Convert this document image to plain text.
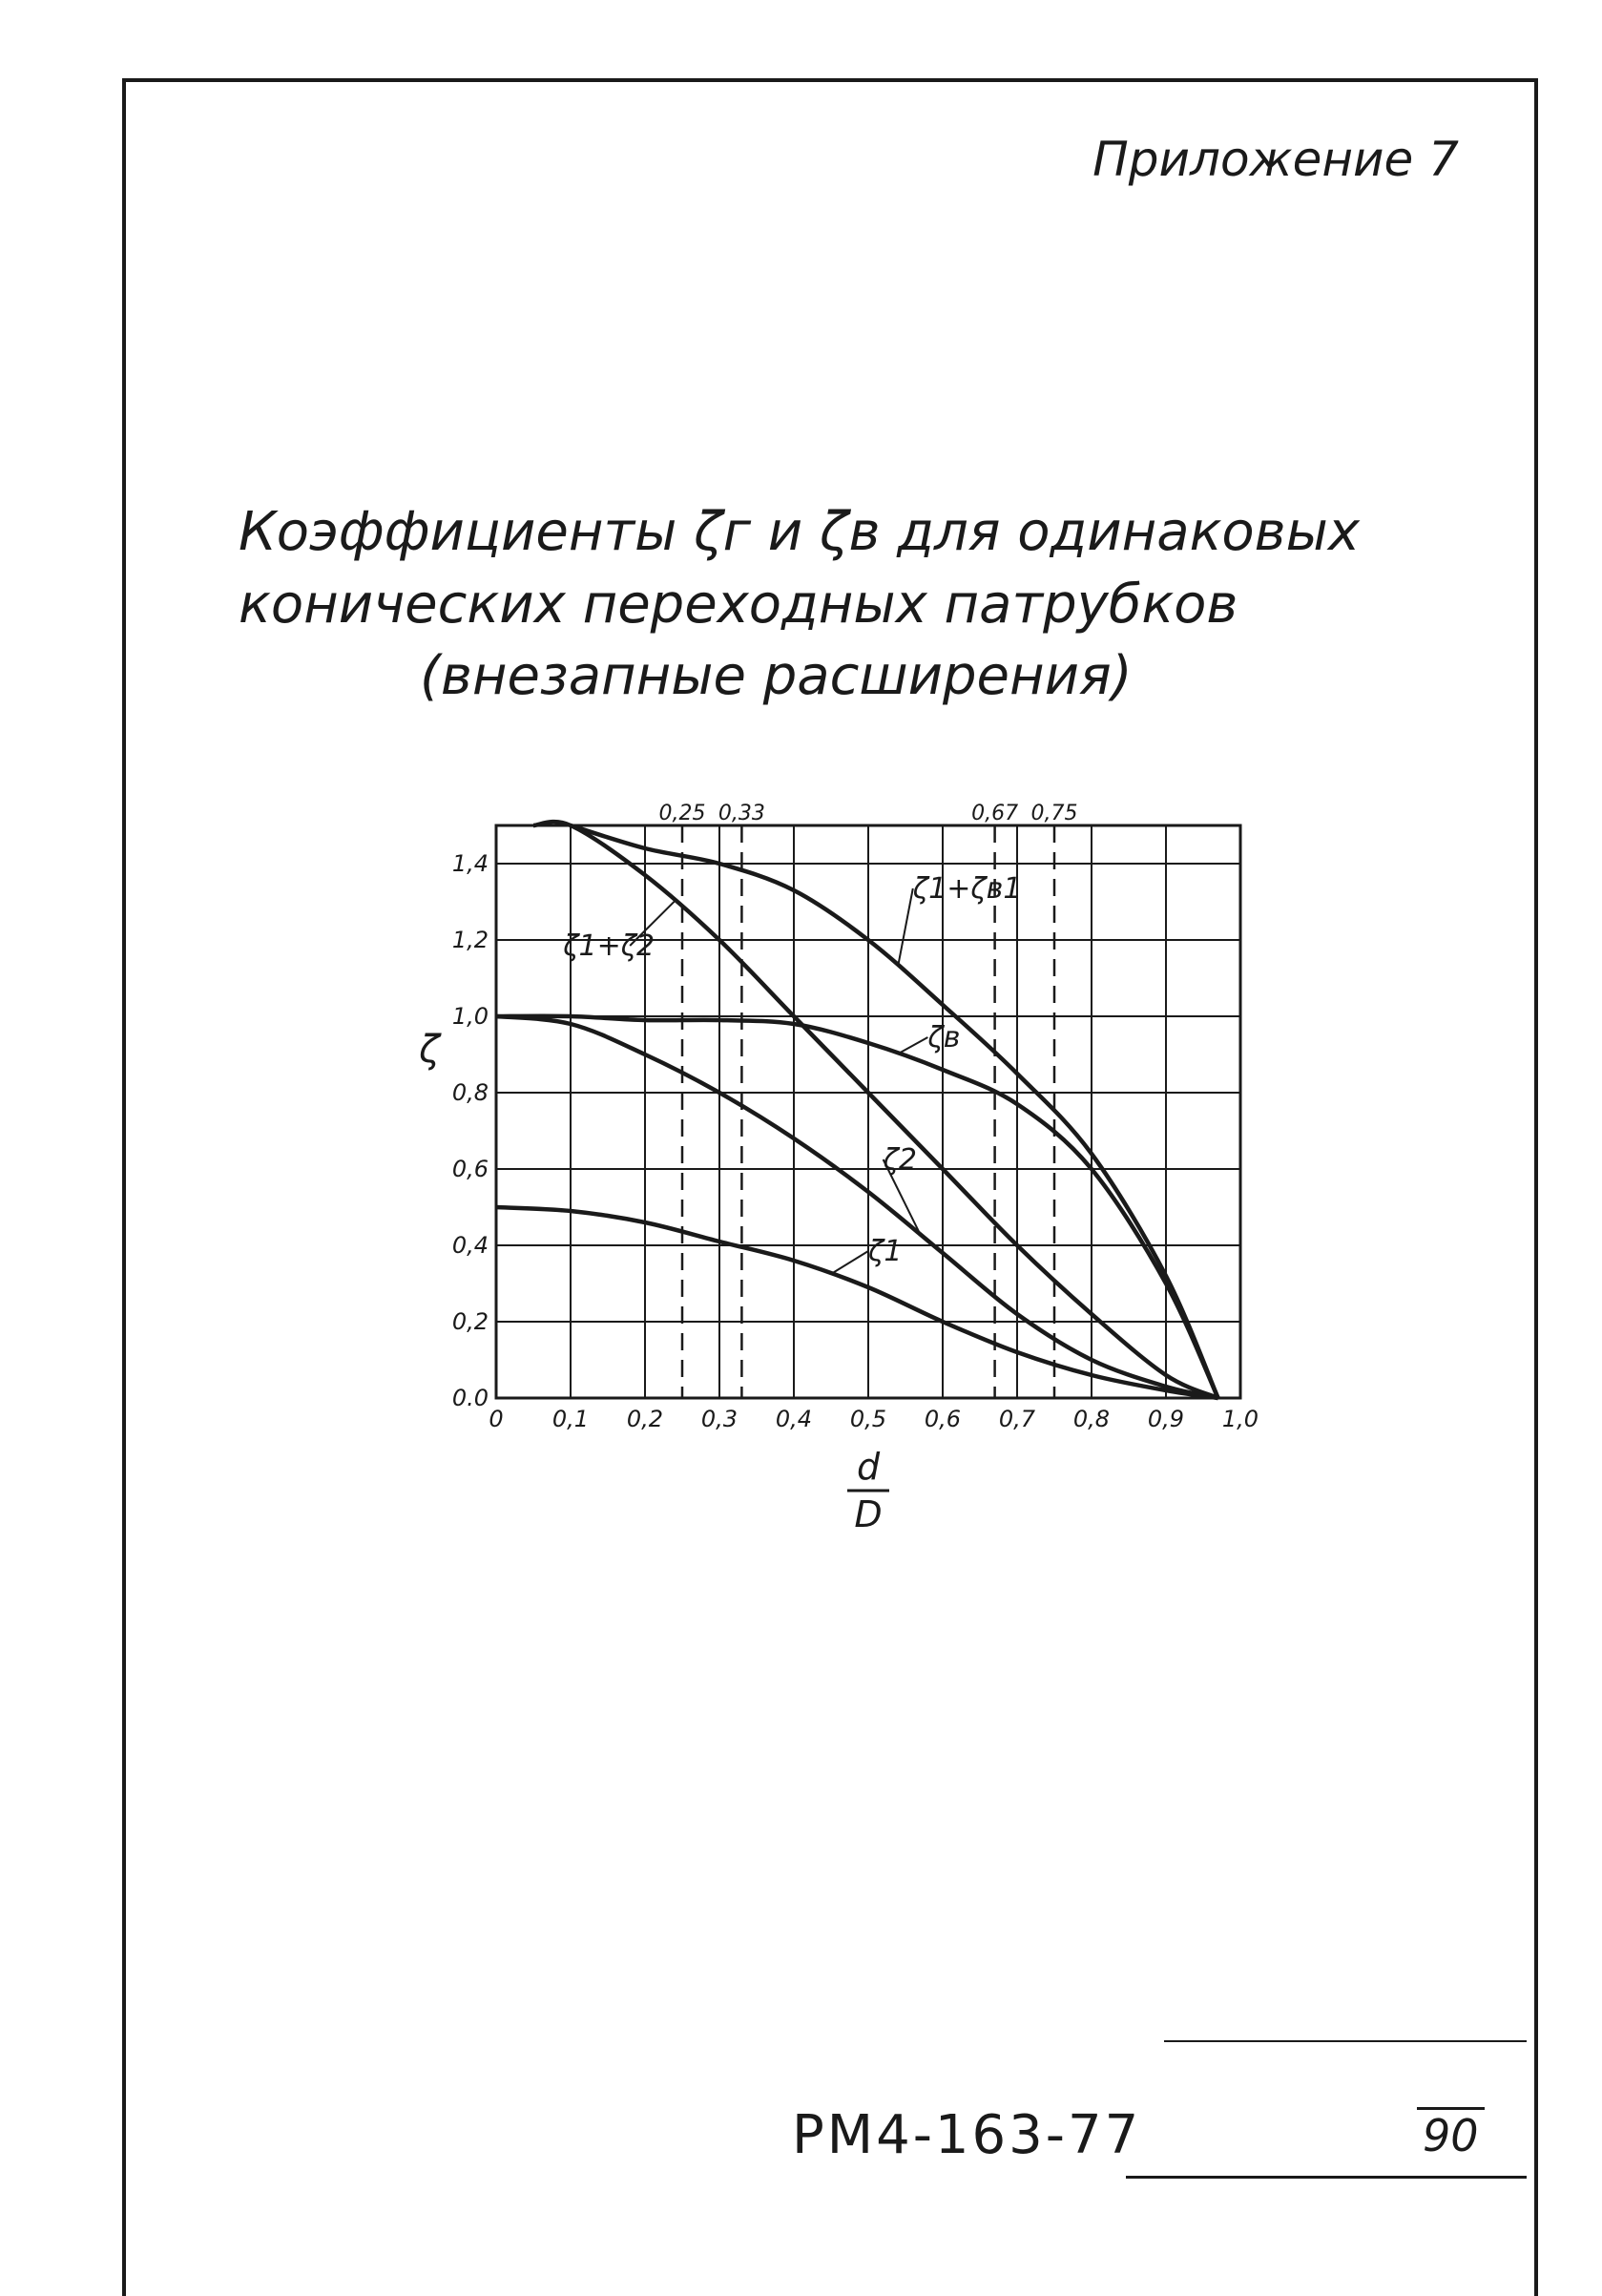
Приложение 7
Коэффициенты ζг и ζв для одинаковых
конических переходных патрубков
(внезапные расширения)
0,25 0,33	0,67 0,75
0 0,1 0,2 0,3 0,4 0,5 0,6 0,7 0,8 0,9 1,0
0.0
0,2
0,4
0,6
0,8
1,0
1,2
1,4
ζ
d
D
ζ1+ζв1
ζ1+ζ2
ζв
ζ2
ζ1
РМ4-163-77	90
